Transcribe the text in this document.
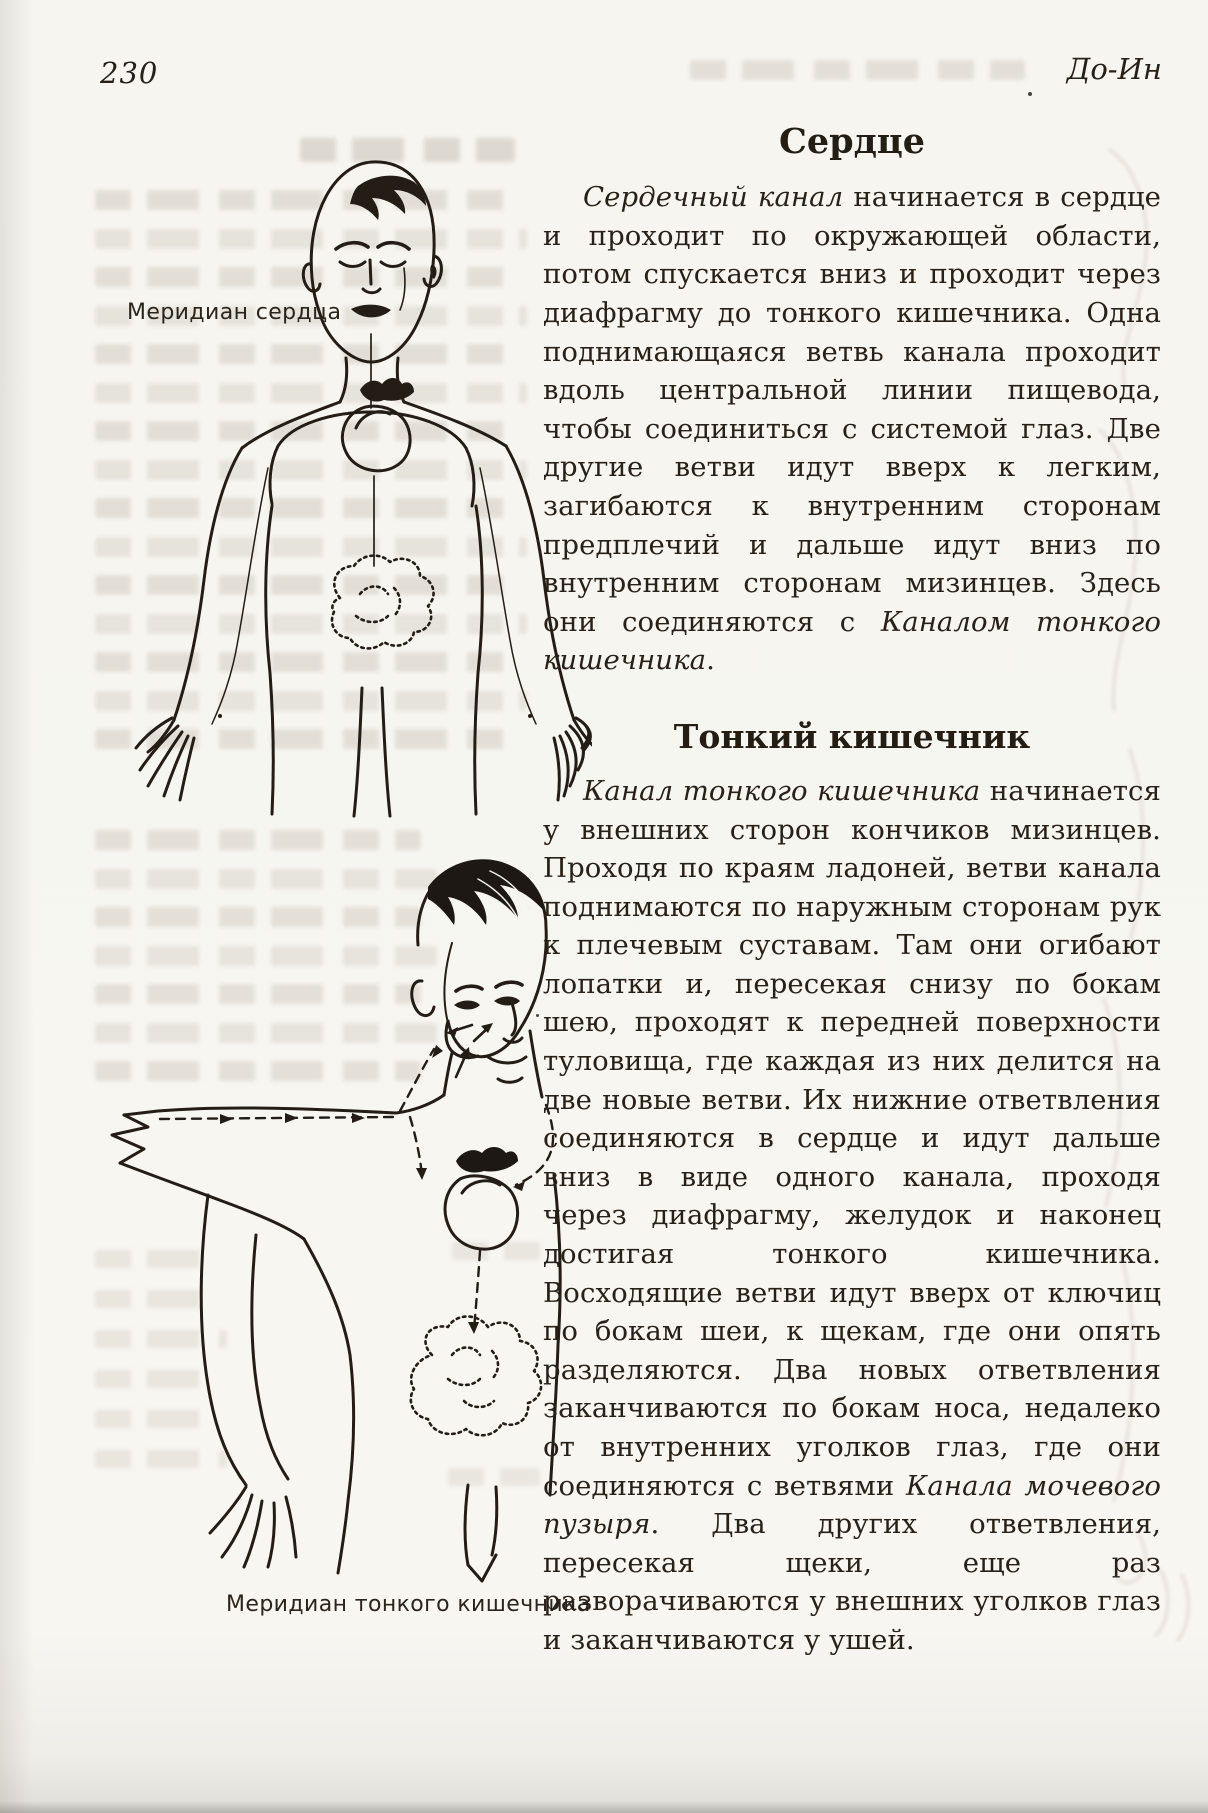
230	До-Ин
Меридиан сердца
Меридиан тонкого кишечника
Сердце

Сердечный канал начинается в сердце и проходит по окружающей области, потом спускается вниз и проходит через диафрагму до тонкого кишечника. Одна поднимающаяся ветвь канала проходит вдоль центральной линии пищевода, чтобы соединиться с системой глаз. Две другие ветви идут вверх к легким, загибаются к внутренним сторонам предплечий и дальше идут вниз по внутренним сторонам мизинцев. Здесь они соединяются с Каналом тонкого кишечника.

Тонкий кишечник

Канал тонкого кишечника начинается у внешних сторон кончиков мизинцев. Проходя по краям ладоней, ветви канала поднимаются по наружным сторонам рук к плечевым суставам. Там они огибают лопатки и, пересекая снизу по бокам шею, проходят к передней поверхности туловища, где каждая из них делится на две новые ветви. Их нижние ответвления соединяются в сердце и идут дальше вниз в виде одного канала, проходя через диафрагму, желудок и наконец достигая тонкого кишечника. Восходящие ветви идут вверх от ключиц по бокам шеи, к щекам, где они опять разделяются. Два новых ответвления заканчиваются по бокам носа, недалеко от внутренних уголков глаз, где они соединяются с ветвями Канала мочевого пузыря. Два других ответвления, пересекая щеки, еще раз разворачиваются у внешних уголков глаз и заканчиваются у ушей.
